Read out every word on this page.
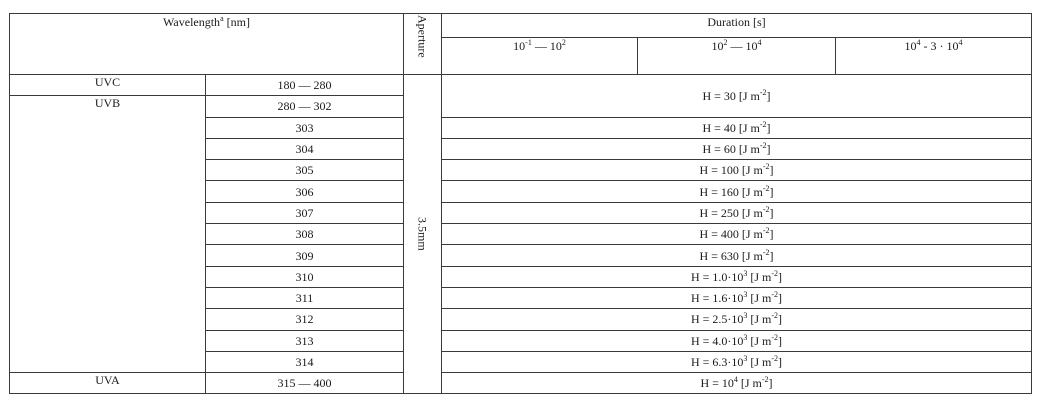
Wavelength$^a$ [nm]		Aperture	Duration [s]		
			$10^{-1}$ — $10^2$	$10^2$ — $10^4$	$10^4 - 3 \cdot 10^4$
UVC	180 — 280	3.5mm	H = 30 [J $m^{-2}$]		
UVB	280 — 302				
	303		H = 40 [J $m^{-2}$]		
	304		H = 60 [J $m^{-2}$]		
	305		H = 100 [J $m^{-2}$]		
	306		H = 160 [J $m^{-2}$]		
	307		H = 250 [J $m^{-2}$]		
	308		H = 400 [J $m^{-2}$]		
	309		H = 630 [J $m^{-2}$]		
	310		$H = 1.0\cdot 10^3$ [J $m^{-2}$]		
	311		$H = 1.6\cdot 10^3$ [J $m^{-2}$]		
	312		$H = 2.5\cdot 10^3$ [J $m^{-2}$]		
	313		$H = 4.0\cdot 10^3$ [J $m^{-2}$]		
	314		$H = 6.3\cdot 10^3$ [J $m^{-2}$]		
UVA	315 — 400		$H = 10^4$ [J $m^{-2}$]		
